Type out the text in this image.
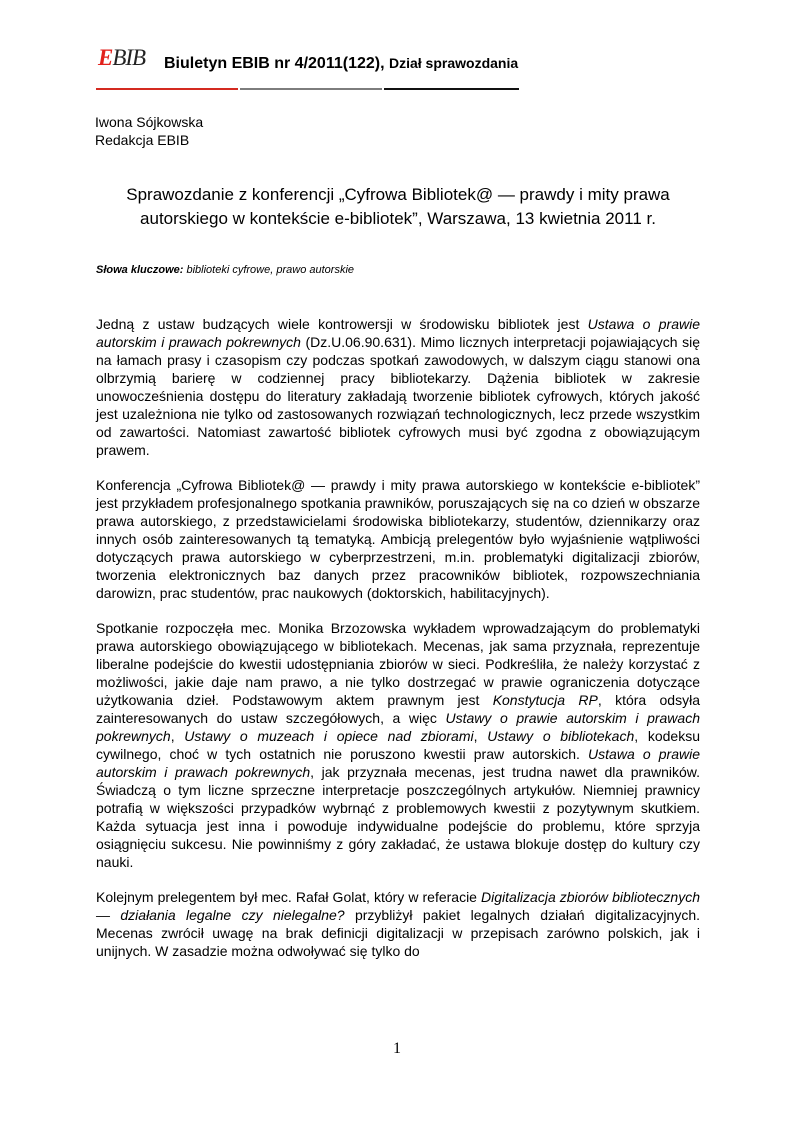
EBIB Biuletyn EBIB nr 4/2011(122), Dział sprawozdania
Iwona Sójkowska
Redakcja EBIB
Sprawozdanie z konferencji „Cyfrowa Bibliotek@ — prawdy i mity prawa autorskiego w kontekście e-bibliotek”, Warszawa, 13 kwietnia 2011 r.
Słowa kluczowe: biblioteki cyfrowe, prawo autorskie

Jedną z ustaw budzących wiele kontrowersji w środowisku bibliotek jest Ustawa o prawie autorskim i prawach pokrewnych (Dz.U.06.90.631). Mimo licznych interpretacji pojawiających się na łamach prasy i czasopism czy podczas spotkań zawodowych, w dalszym ciągu stanowi ona olbrzymią barierę w codziennej pracy bibliotekarzy. Dążenia bibliotek w zakresie unowocześnienia dostępu do literatury zakładają tworzenie bibliotek cyfrowych, których jakość jest uzależniona nie tylko od zastosowanych rozwiązań technologicznych, lecz przede wszystkim od zawartości. Natomiast zawartość bibliotek cyfrowych musi być zgodna z obowiązującym prawem.

Konferencja „Cyfrowa Bibliotek@ — prawdy i mity prawa autorskiego w kontekście e-bibliotek” jest przykładem profesjonalnego spotkania prawników, poruszających się na co dzień w obszarze prawa autorskiego, z przedstawicielami środowiska bibliotekarzy, studentów, dziennikarzy oraz innych osób zainteresowanych tą tematyką. Ambicją prelegentów było wyjaśnienie wątpliwości dotyczących prawa autorskiego w cyberprzestrzeni, m.in. problematyki digitalizacji zbiorów, tworzenia elektronicznych baz danych przez pracowników bibliotek, rozpowszechniania darowizn, prac studentów, prac naukowych (doktorskich, habilitacyjnych).

Spotkanie rozpoczęła mec. Monika Brzozowska wykładem wprowadzającym do problematyki prawa autorskiego obowiązującego w bibliotekach. Mecenas, jak sama przyznała, reprezentuje liberalne podejście do kwestii udostępniania zbiorów w sieci. Podkreśliła, że należy korzystać z możliwości, jakie daje nam prawo, a nie tylko dostrzegać w prawie ograniczenia dotyczące użytkowania dzieł. Podstawowym aktem prawnym jest Konstytucja RP, która odsyła zainteresowanych do ustaw szczegółowych, a więc Ustawy o prawie autorskim i prawach pokrewnych, Ustawy o muzeach i opiece nad zbiorami, Ustawy o bibliotekach, kodeksu cywilnego, choć w tych ostatnich nie poruszono kwestii praw autorskich. Ustawa o prawie autorskim i prawach pokrewnych, jak przyznała mecenas, jest trudna nawet dla prawników. Świadczą o tym liczne sprzeczne interpretacje poszczególnych artykułów. Niemniej prawnicy potrafią w większości przypadków wybrnąć z problemowych kwestii z pozytywnym skutkiem. Każda sytuacja jest inna i powoduje indywidualne podejście do problemu, które sprzyja osiągnięciu sukcesu. Nie powinniśmy z góry zakładać, że ustawa blokuje dostęp do kultury czy nauki.

Kolejnym prelegentem był mec. Rafał Golat, który w referacie Digitalizacja zbiorów bibliotecznych — działania legalne czy nielegalne? przybliżył pakiet legalnych działań digitalizacyjnych. Mecenas zwrócił uwagę na brak definicji digitalizacji w przepisach zarówno polskich, jak i unijnych. W zasadzie można odwoływać się tylko do

1
